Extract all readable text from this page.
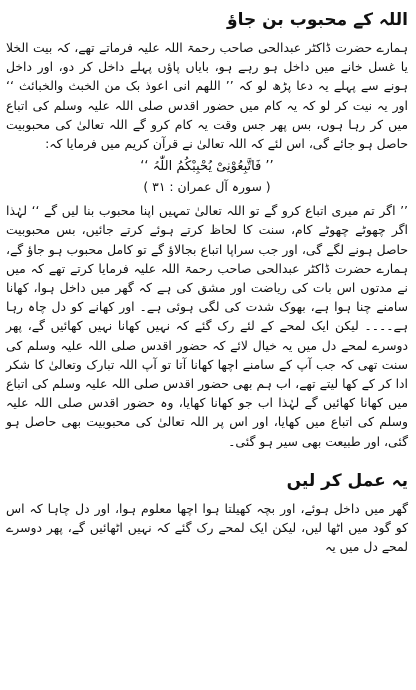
اللہ کے محبوب بن جاؤ

ہمارے حضرت ڈاکٹر عبدالحی صاحب رحمۃ اللہ علیہ فرماتے تھے، کہ بیت الخلا یا غسل خانے میں داخل ہو رہے ہو، بایاں پاؤں پہلے داخل کر دو، اور داخل ہونے سے پہلے یہ دعا پڑھ لو کہ ’’ اللھم انی اعوذ بک من الخبث والخبائث ‘‘ اور یہ نیت کر لو کہ یہ کام میں حضور اقدس صلی اللہ علیہ وسلم کی اتباع میں کر رہا ہوں، بس پھر جس وقت یہ کام کرو گے اللہ تعالیٰ کی محبوبیت حاصل ہو جائے گی، اس لئے کہ اللہ تعالیٰ نے قرآن کریم میں فرمایا کہ:

’’ فَاتَّبِعُوْنِیْ یُحْبِبْکُمُ اللّٰہُ ‘‘
( سورہ آل عمران : ۳۱ )

’’ اگر تم میری اتباع کرو گے تو اللہ تعالیٰ تمہیں اپنا محبوب بنا لیں گے ‘‘ لہٰذا اگر چھوٹے چھوٹے کام، سنت کا لحاظ کرتے ہوئے کرتے جائیں، بس محبوبیت حاصل ہونے لگے گی، اور جب سراپا اتباع بجالاؤ گے تو کامل محبوب ہو جاؤ گے، ہمارے حضرت ڈاکٹر عبدالحی صاحب رحمۃ اللہ علیہ فرمایا کرتے تھے کہ میں نے مدتوں اس بات کی ریاضت اور مشق کی ہے کہ گھر میں داخل ہوا، کھانا سامنے چنا ہوا ہے، بھوک شدت کی لگی ہوئی ہے۔ اور کھانے کو دل چاہ رہا ہے۔۔۔۔ لیکن ایک لمحے کے لئے رک گئے کہ نہیں کھانا نہیں کھائیں گے، پھر دوسرے لمحے دل میں یہ خیال لائے کہ حضور اقدس صلی اللہ علیہ وسلم کی سنت تھی کہ جب آپ کے سامنے اچھا کھانا آتا تو آپ اللہ تبارک وتعالیٰ کا شکر ادا کر کے کھا لیتے تھے، اب ہم بھی حضور اقدس صلی اللہ علیہ وسلم کی اتباع میں کھانا کھائیں گے لہٰذا اب جو کھانا کھایا، وہ حضور اقدس صلی اللہ علیہ وسلم کی اتباع میں کھایا، اور اس پر اللہ تعالیٰ کی محبوبیت بھی حاصل ہو گئی، اور طبیعت بھی سیر ہو گئی۔

یہ عمل کر لیں

گھر میں داخل ہوئے، اور بچہ کھیلتا ہوا اچھا معلوم ہوا، اور دل چاہا کہ اس کو گود میں اٹھا لیں، لیکن ایک لمحے رک گئے کہ نہیں اٹھائیں گے، پھر دوسرے لمحے دل میں یہ
